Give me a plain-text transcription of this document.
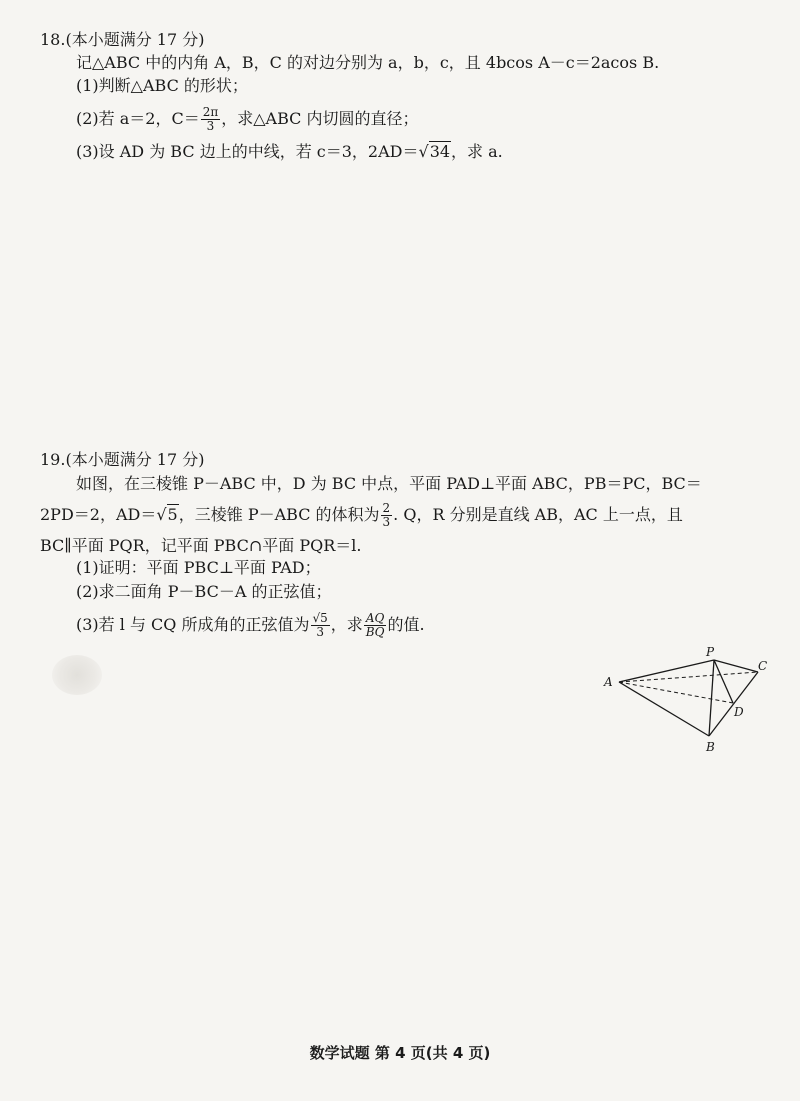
18.(本小题满分 17 分)
记△ABC 中的内角 A，B，C 的对边分别为 a，b，c，且 4bcos A－c＝2acos B.
(1)判断△ABC 的形状；
(2)若 a＝2，$C= \frac{2\pi}{3}$ ，求△ABC 内切圆的直径；
(3)设 AD 为 BC 边上的中线，若 c＝3，2AD＝√34，求 a.
19.(本小题满分 17 分)
如图，在三棱锥 P－ABC 中，D 为 BC 中点，平面 PAD⊥平面 ABC，PB＝PC，BC＝
2PD＝2，AD＝√5，三棱锥 P－ABC 的体积为 $\frac{2}{3}$ . Q，R 分别是直线 AB，AC 上一点，且
BC∥平面 PQR，记平面 PBC∩平面 PQR＝l.
(1)证明：平面 PBC⊥平面 PAD；
(2)求二面角 P－BC－A 的正弦值；
(3)若 l 与 CQ 所成角的正弦值为 $\frac{√5}{3}$ ，求 $\frac{AQ}{BQ}$ 的值.
A
B
C
D
P
数学试题 第 4 页(共 4 页)
